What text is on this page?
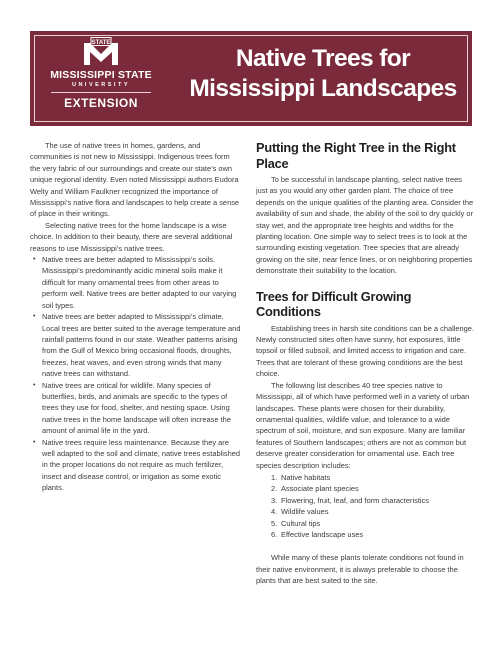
STATE
MISSISSIPPI STATE
UNIVERSITY
EXTENSION
Native Trees for
Mississippi Landscapes

The use of native trees in homes, gardens, and communities is not new to Mississippi. Indigenous trees form the very fabric of our surroundings and create our state’s own unique regional identity. Even noted Mississippi authors Eudora Welty and William Faulkner recognized the importance of Mississippi’s native flora and landscapes to help create a sense of place in their writings.

Selecting native trees for the home landscape is a wise choice. In addition to their beauty, there are several additional reasons to use Mississippi’s native trees.

• Native trees are better adapted to Mississippi’s soils. Mississippi’s predominantly acidic mineral soils make it difficult for many ornamental trees from other areas to perform well. Native trees are better adapted to our varying soil types.
• Native trees are better adapted to Mississippi’s climate. Local trees are better suited to the average temperature and rainfall patterns found in our state. Weather patterns arising from the Gulf of Mexico bring occasional floods, droughts, freezes, heat waves, and even strong winds that many native trees can withstand.
• Native trees are critical for wildlife. Many species of butterflies, birds, and animals are specific to the types of trees they use for food, shelter, and nesting space. Using native trees in the home landscape will often increase the amount of animal life in the yard.
• Native trees require less maintenance. Because they are well adapted to the soil and climate, native trees established in the proper locations do not require as much fertilizer, insect and disease control, or irrigation as some exotic plants.
Putting the Right Tree in the Right Place

To be successful in landscape planting, select native trees just as you would any other garden plant. The choice of tree depends on the unique qualities of the planting area. Consider the availability of sun and shade, the ability of the soil to dry quickly or stay wet, and the appropriate tree heights and widths for the planting location. One simple way to select trees is to look at the surrounding existing vegetation. Tree species that are already growing on the site, near fence lines, or on neighboring properties demonstrate their suitability to the location.

Trees for Difficult Growing Conditions

Establishing trees in harsh site conditions can be a challenge. Newly constructed sites often have sunny, hot exposures, little topsoil or filled subsoil, and limited access to irrigation and care. Trees that are tolerant of these growing conditions are the best choice.

The following list describes 40 tree species native to Mississippi, all of which have performed well in a variety of urban landscapes. These plants were chosen for their durability, ornamental qualities, wildlife value, and tolerance to a wide spectrum of soil, moisture, and sun exposure. Many are familiar features of Southern landscapes; others are not as common but deserve greater consideration for ornamental use. Each tree species description includes:

1. Native habitats
2. Associate plant species
3. Flowering, fruit, leaf, and form characteristics
4. Wildlife values
5. Cultural tips
6. Effective landscape uses

While many of these plants tolerate conditions not found in their native environment, it is always preferable to choose the plants that are best suited to the site.
